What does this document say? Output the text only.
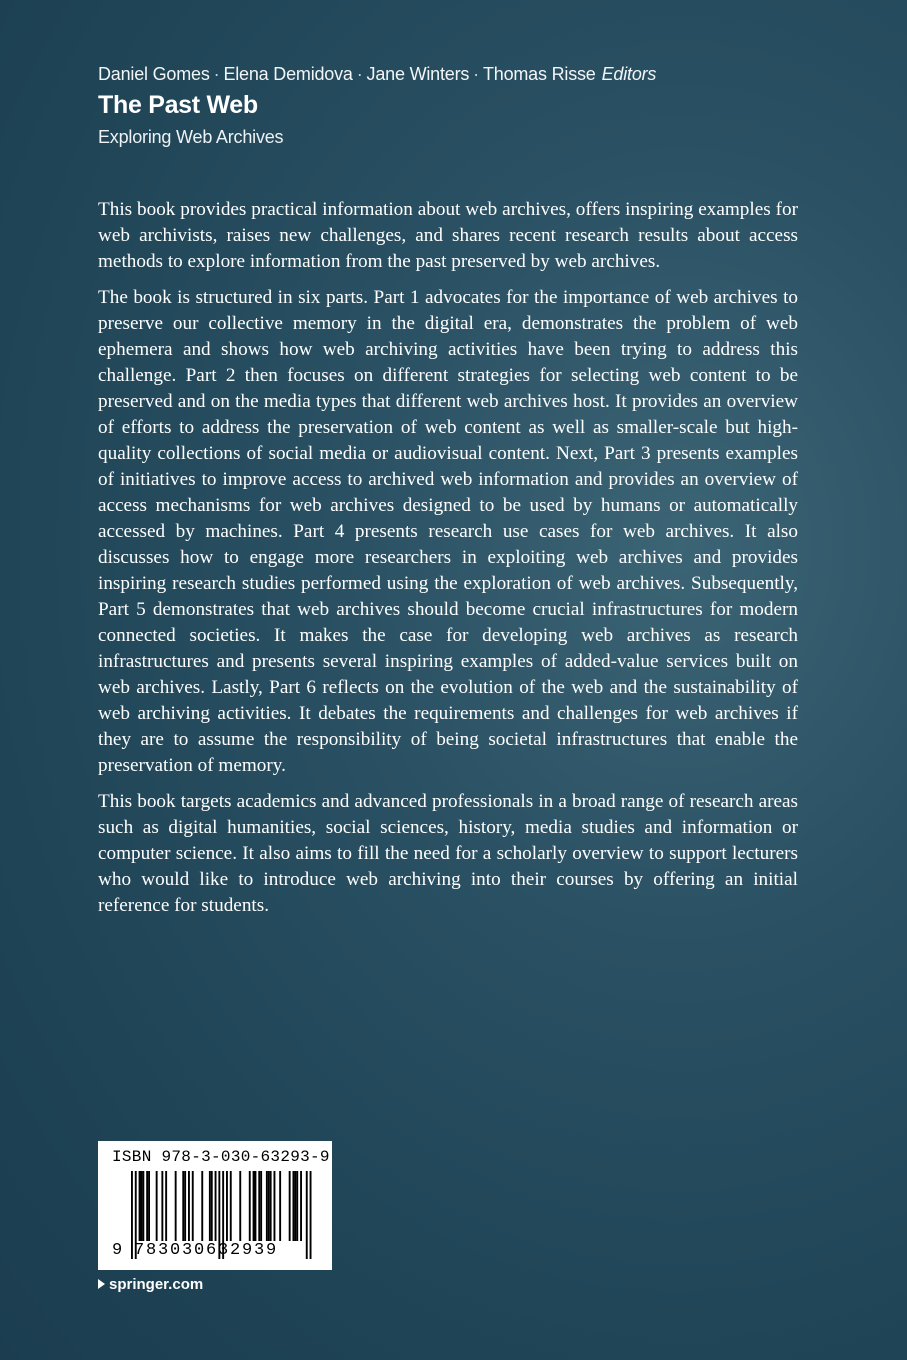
Daniel Gomes · Elena Demidova · Jane Winters · Thomas Risse Editors
The Past Web
Exploring Web Archives

This book provides practical information about web archives, offers inspiring examples for web archivists, raises new challenges, and shares recent research results about access methods to explore information from the past preserved by web archives.

The book is structured in six parts. Part 1 advocates for the importance of web archives to preserve our collective memory in the digital era, demonstrates the problem of web ephemera and shows how web archiving activities have been trying to address this challenge. Part 2 then focuses on different strategies for selecting web content to be preserved and on the media types that different web archives host. It provides an overview of efforts to address the preservation of web content as well as smaller-scale but high-quality collections of social media or audiovisual content. Next, Part 3 presents examples of initiatives to improve access to archived web information and provides an overview of access mechanisms for web archives designed to be used by humans or automatically accessed by machines. Part 4 presents research use cases for web archives. It also discusses how to engage more researchers in exploiting web archives and provides inspiring research studies performed using the exploration of web archives. Subsequently, Part 5 demonstrates that web archives should become crucial infrastructures for modern connected societies. It makes the case for developing web archives as research infrastructures and presents several inspiring examples of added-value services built on web archives. Lastly, Part 6 reflects on the evolution of the web and the sustainability of web archiving activities. It debates the requirements and challenges for web archives if they are to assume the responsibility of being societal infrastructures that enable the preservation of memory.

This book targets academics and advanced professionals in a broad range of research areas such as digital humanities, social sciences, history, media studies and information or computer science. It also aims to fill the need for a scholarly overview to support lecturers who would like to introduce web archiving into their courses by offering an initial reference for students.

ISBN 978-3-030-63293-9
9 783030632939
springer.com
